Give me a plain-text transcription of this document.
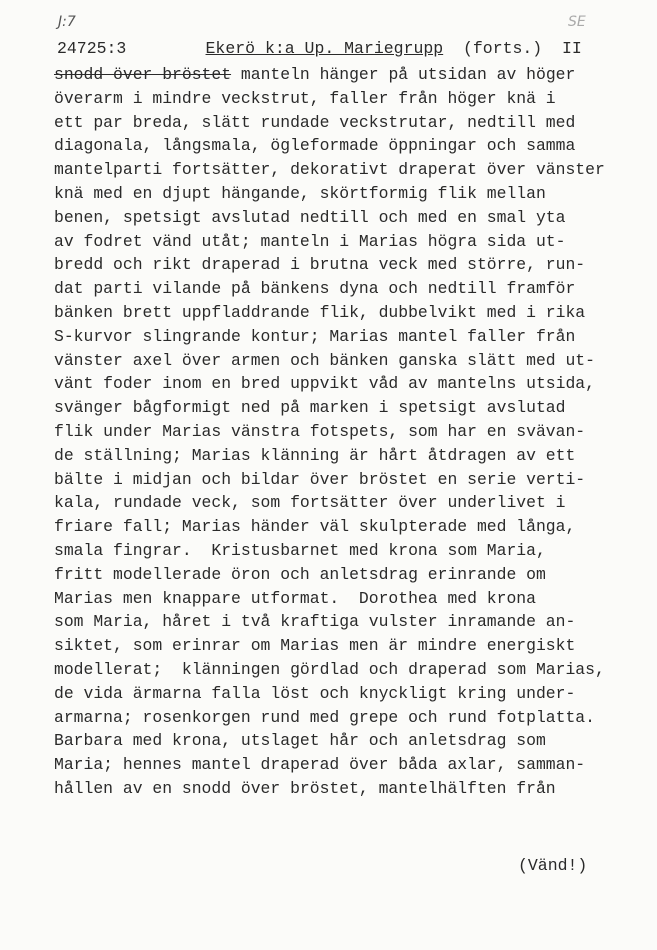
J:7	SE
24725:3	Ekerö k:a Up. Mariegrupp (forts.) II
snodd över bröstet manteln hänger på utsidan av höger
överarm i mindre veckstrut, faller från höger knä i
ett par breda, slätt rundade veckstrutar, nedtill med
diagonala, långsmala, ögleformade öppningar och samma
mantelparti fortsätter, dekorativt draperat över vänster
knä med en djupt hängande, skörtformig flik mellan
benen, spetsigt avslutad nedtill och med en smal yta
av fodret vänd utåt; manteln i Marias högra sida ut-
bredd och rikt draperad i brutna veck med större, run-
dat parti vilande på bänkens dyna och nedtill framför
bänken brett uppfladdrande flik, dubbelvikt med i rika
S-kurvor slingrande kontur; Marias mantel faller från
vänster axel över armen och bänken ganska slätt med ut-
vänt foder inom en bred uppvikt våd av mantelns utsida,
svänger bågformigt ned på marken i spetsigt avslutad
flik under Marias vänstra fotspets, som har en svävan-
de ställning; Marias klänning är hårt åtdragen av ett
bälte i midjan och bildar över bröstet en serie verti-
kala, rundade veck, som fortsätter över underlivet i
friare fall; Marias händer väl skulpterade med långa,
smala fingrar.  Kristusbarnet med krona som Maria,
fritt modellerade öron och anletsdrag erinrande om
Marias men knappare utformat.  Dorothea med krona
som Maria, håret i två kraftiga vulster inramande an-
siktet, som erinrar om Marias men är mindre energiskt
modellerat;  klänningen gördlad och draperad som Marias,
de vida ärmarna falla löst och knyckligt kring under-
armarna; rosenkorgen rund med grepe och rund fotplatta.
Barbara med krona, utslaget hår och anletsdrag som
Maria; hennes mantel draperad över båda axlar, samman-
hållen av en snodd över bröstet, mantelhälften från
(Vänd!)
